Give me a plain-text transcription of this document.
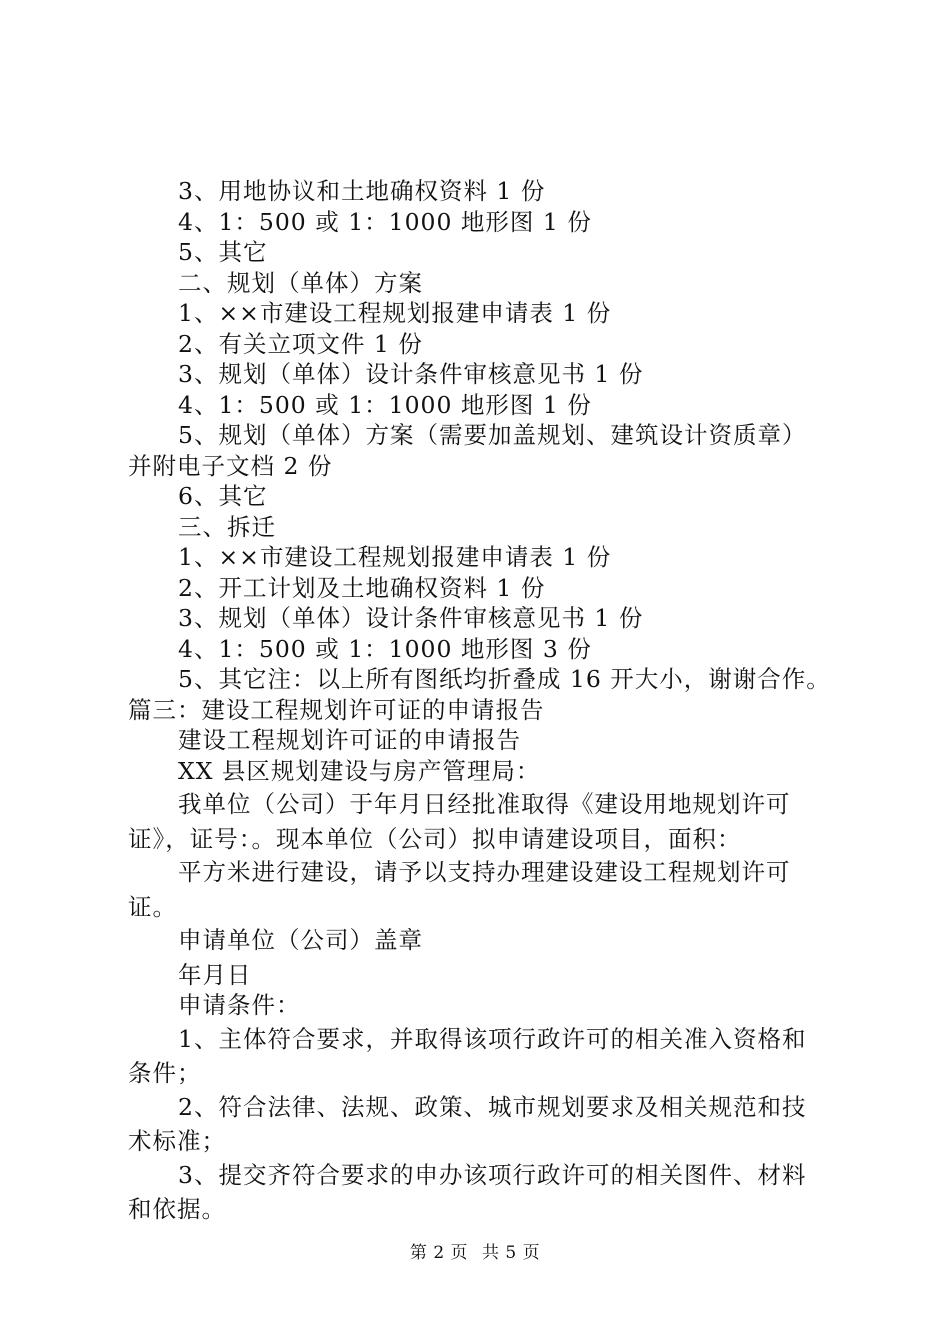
3、用地协议和土地确权资料 1 份
4、1：500 或 1：1000 地形图 1 份
5、其它
二、规划（单体）方案
1、××市建设工程规划报建申请表 1 份
2、有关立项文件 1 份
3、规划（单体）设计条件审核意见书 1 份
4、1：500 或 1：1000 地形图 1 份
5、规划（单体）方案（需要加盖规划、建筑设计资质章）
并附电子文档 2 份
6、其它
三、拆迁
1、××市建设工程规划报建申请表 1 份
2、开工计划及土地确权资料 1 份
3、规划（单体）设计条件审核意见书 1 份
4、1：500 或 1：1000 地形图 3 份
5、其它注：以上所有图纸均折叠成 16 开大小，谢谢合作。
篇三：建设工程规划许可证的申请报告
建设工程规划许可证的申请报告
XX 县区规划建设与房产管理局：
我单位（公司）于年月日经批准取得《建设用地规划许可
证》，证号：。现本单位（公司）拟申请建设项目，面积：
平方米进行建设，请予以支持办理建设建设工程规划许可
证。
申请单位（公司）盖章
年月日
申请条件：
1、主体符合要求，并取得该项行政许可的相关准入资格和
条件；
2、符合法律、法规、政策、城市规划要求及相关规范和技
术标准；
3、提交齐符合要求的申办该项行政许可的相关图件、材料
和依据。
第 2 页 共 5 页
